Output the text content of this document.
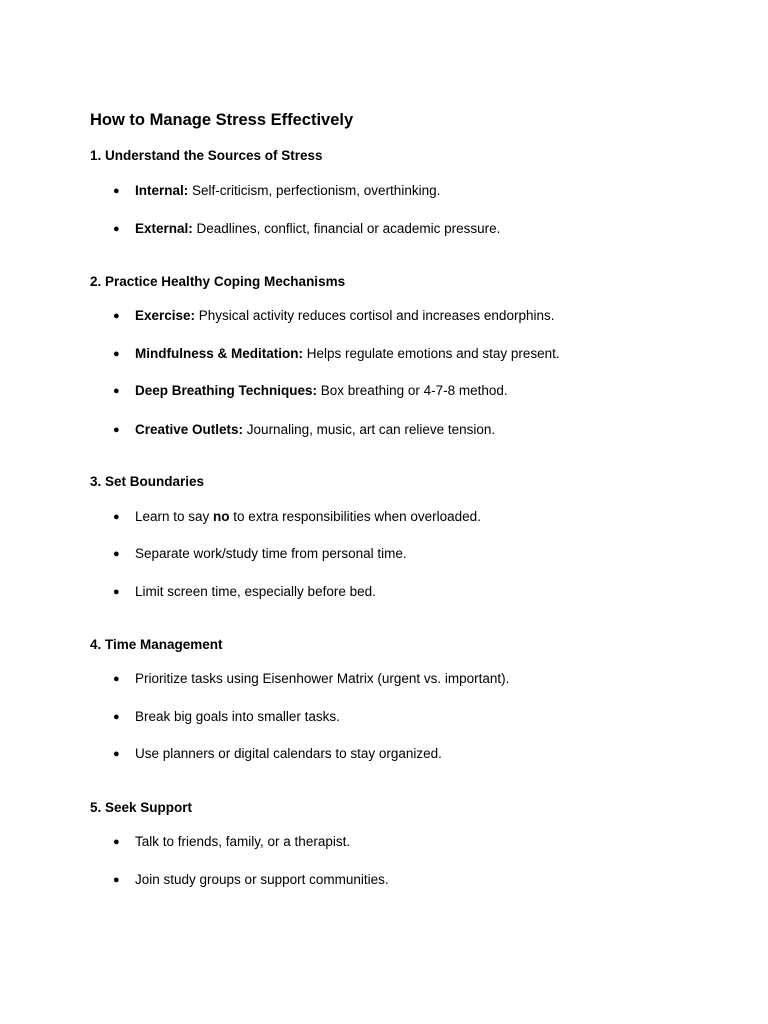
How to Manage Stress Effectively
1. Understand the Sources of Stress
● Internal: Self-criticism, perfectionism, overthinking.
● External: Deadlines, conflict, financial or academic pressure.
2. Practice Healthy Coping Mechanisms
● Exercise: Physical activity reduces cortisol and increases endorphins.
● Mindfulness & Meditation: Helps regulate emotions and stay present.
● Deep Breathing Techniques: Box breathing or 4-7-8 method.
● Creative Outlets: Journaling, music, art can relieve tension.
3. Set Boundaries
● Learn to say no to extra responsibilities when overloaded.
● Separate work/study time from personal time.
● Limit screen time, especially before bed.
4. Time Management
● Prioritize tasks using Eisenhower Matrix (urgent vs. important).
● Break big goals into smaller tasks.
● Use planners or digital calendars to stay organized.
5. Seek Support
● Talk to friends, family, or a therapist.
● Join study groups or support communities.
